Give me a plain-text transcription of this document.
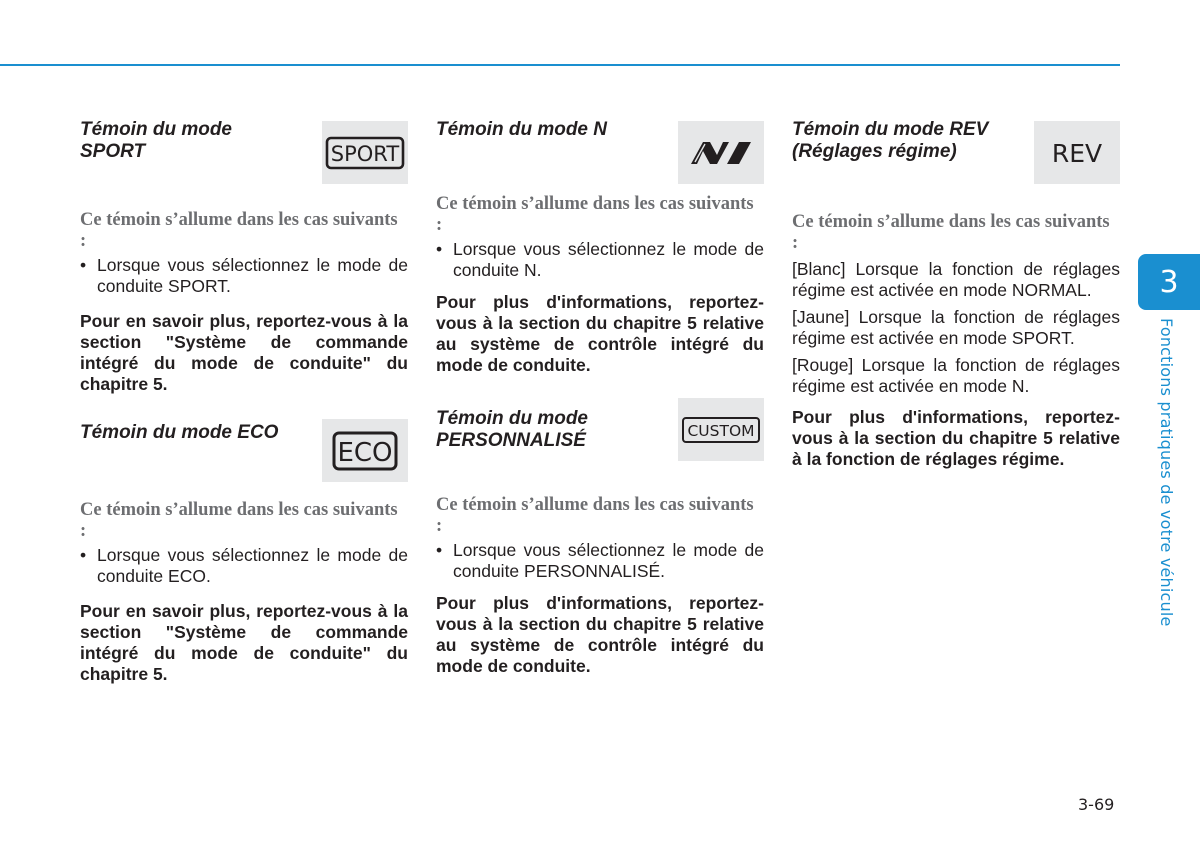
Témoin du mode
SPORT	SPORT

Ce témoin s’allume dans les cas suivants :

• Lorsque vous sélectionnez le mode de conduite SPORT.

Pour en savoir plus, reportez-vous à la section "Système de commande intégré du mode de conduite" du chapitre 5.

Témoin du mode ECO
ECO

Ce témoin s’allume dans les cas suivants :

• Lorsque vous sélectionnez le mode de conduite ECO.

Pour en savoir plus, reportez-vous à la section "Système de commande intégré du mode de conduite" du chapitre 5.

Témoin du mode N

Ce témoin s’allume dans les cas suivants :

• Lorsque vous sélectionnez le mode de conduite N.

Pour plus d'informations, reportez-vous à la section du chapitre 5 relative au système de contrôle intégré du mode de conduite.

Témoin du mode
PERSONNALISÉ	CUSTOM

Ce témoin s’allume dans les cas suivants :

• Lorsque vous sélectionnez le mode de conduite PERSONNALISÉ.

Pour plus d'informations, reportez-vous à la section du chapitre 5 relative au système de contrôle intégré du mode de conduite.

Témoin du mode REV
(Réglages régime)	REV

Ce témoin s’allume dans les cas suivants :

[Blanc] Lorsque la fonction de réglages régime est activée en mode NORMAL.

[Jaune] Lorsque la fonction de réglages régime est activée en mode SPORT.

[Rouge] Lorsque la fonction de réglages régime est activée en mode N.

Pour plus d'informations, reportez-vous à la section du chapitre 5 relative à la fonction de réglages régime.

3
Fonctions pratiques de votre véhicule
3-69
